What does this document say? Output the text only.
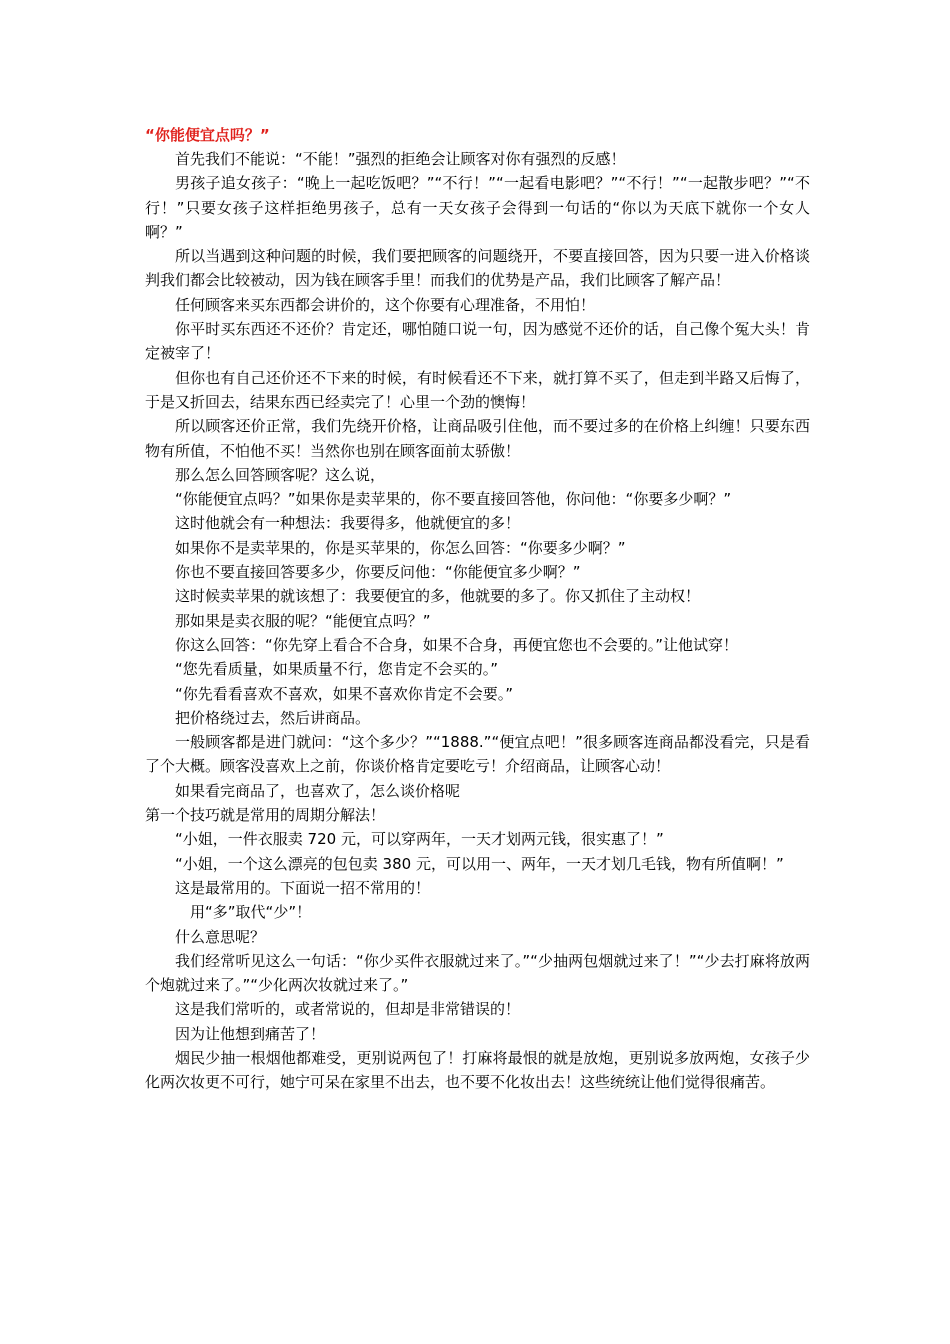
“你能便宜点吗？”

首先我们不能说：“不能！”强烈的拒绝会让顾客对你有强烈的反感！

男孩子追女孩子：“晚上一起吃饭吧？”“不行！”“一起看电影吧？”“不行！”“一起散步吧？”“不行！”只要女孩子这样拒绝男孩子，总有一天女孩子会得到一句话的“你以为天底下就你一个女人啊？”

所以当遇到这种问题的时候，我们要把顾客的问题绕开，不要直接回答，因为只要一进入价格谈判我们都会比较被动，因为钱在顾客手里！而我们的优势是产品，我们比顾客了解产品！

任何顾客来买东西都会讲价的，这个你要有心理准备，不用怕！

你平时买东西还不还价？肯定还，哪怕随口说一句，因为感觉不还价的话，自己像个冤大头！肯定被宰了！

但你也有自己还价还不下来的时候，有时候看还不下来，就打算不买了，但走到半路又后悔了，于是又折回去，结果东西已经卖完了！心里一个劲的懊悔！

所以顾客还价正常，我们先绕开价格，让商品吸引住他，而不要过多的在价格上纠缠！只要东西物有所值，不怕他不买！当然你也别在顾客面前太骄傲！

那么怎么回答顾客呢？这么说，

“你能便宜点吗？”如果你是卖苹果的，你不要直接回答他，你问他：“你要多少啊？”

这时他就会有一种想法：我要得多，他就便宜的多！

如果你不是卖苹果的，你是买苹果的，你怎么回答：“你要多少啊？”

你也不要直接回答要多少，你要反问他：“你能便宜多少啊？”

这时候卖苹果的就该想了：我要便宜的多，他就要的多了。你又抓住了主动权！

那如果是卖衣服的呢？“能便宜点吗？”

你这么回答：“你先穿上看合不合身，如果不合身，再便宜您也不会要的。”让他试穿！

“您先看质量，如果质量不行，您肯定不会买的。”

“你先看看喜欢不喜欢，如果不喜欢你肯定不会要。”

把价格绕过去，然后讲商品。

一般顾客都是进门就问：“这个多少？”“1888.”“便宜点吧！”很多顾客连商品都没看完，只是看了个大概。顾客没喜欢上之前，你谈价格肯定要吃亏！介绍商品，让顾客心动！

如果看完商品了，也喜欢了，怎么谈价格呢

第一个技巧就是常用的周期分解法！

“小姐，一件衣服卖 720 元，可以穿两年，一天才划两元钱，很实惠了！”

“小姐，一个这么漂亮的包包卖 380 元，可以用一、两年，一天才划几毛钱，物有所值啊！”

这是最常用的。下面说一招不常用的！

用“多”取代“少”！

什么意思呢？

我们经常听见这么一句话：“你少买件衣服就过来了。”“少抽两包烟就过来了！”“少去打麻将放两个炮就过来了。”“少化两次妆就过来了。”

这是我们常听的，或者常说的，但却是非常错误的！

因为让他想到痛苦了！

烟民少抽一根烟他都难受，更别说两包了！打麻将最恨的就是放炮，更别说多放两炮，女孩子少化两次妆更不可行，她宁可呆在家里不出去，也不要不化妆出去！这些统统让他们觉得很痛苦。
